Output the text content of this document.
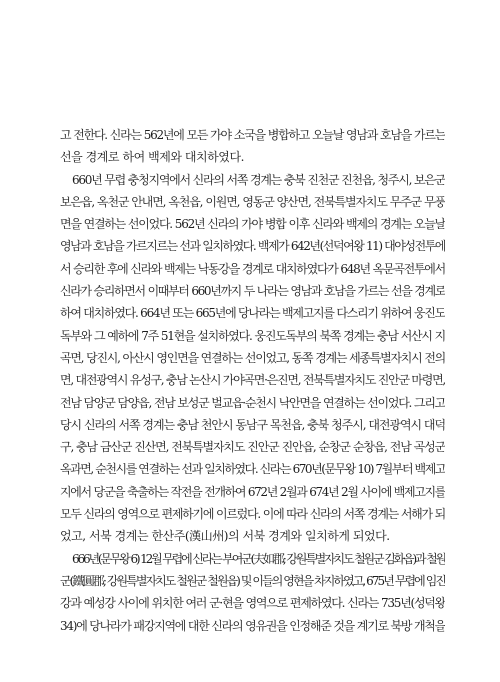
고 전한다. 신라는 562년에 모든 가야 소국을 병합하고 오늘날 영남과 호남을 가르는
선을 경계로 하여 백제와 대치하였다.
660년 무렵 충청지역에서 신라의 서쪽 경계는 충북 진천군 진천읍, 청주시, 보은군
보은읍, 옥천군 안내면, 옥천읍, 이원면, 영동군 양산면, 전북특별자치도 무주군 무풍
면을 연결하는 선이었다. 562년 신라의 가야 병합 이후 신라와 백제의 경계는 오늘날
영남과 호남을 가르지르는 선과 일치하였다. 백제가 642년(선덕여왕 11) 대야성전투에
서 승리한 후에 신라와 백제는 낙동강을 경계로 대치하였다가 648년 옥문곡전투에서
신라가 승리하면서 이때부터 660년까지 두 나라는 영남과 호남을 가르는 선을 경계로
하여 대치하였다. 664년 또는 665년에 당나라는 백제고지를 다스리기 위하여 웅진도
독부와 그 예하에 7주 51현을 설치하였다. 웅진도독부의 북쪽 경계는 충남 서산시 지
곡면, 당진시, 아산시 영인면을 연결하는 선이었고, 동쪽 경계는 세종특별자치시 전의
면, 대전광역시 유성구, 충남 논산시 가야곡면·은진면, 전북특별자치도 진안군 마령면,
전남 담양군 담양읍, 전남 보성군 벌교읍·순천시 낙안면을 연결하는 선이었다. 그리고
당시 신라의 서쪽 경계는 충남 천안시 동남구 목천읍, 충북 청주시, 대전광역시 대덕
구, 충남 금산군 진산면, 전북특별자치도 진안군 진안읍, 순창군 순창읍, 전남 곡성군
옥과면, 순천시를 연결하는 선과 일치하였다. 신라는 670년(문무왕 10) 7월부터 백제고
지에서 당군을 축출하는 작전을 전개하여 672년 2월과 674년 2월 사이에 백제고지를
모두 신라의 영역으로 편제하기에 이르렀다. 이에 따라 신라의 서쪽 경계는 서해가 되
었고, 서북 경계는 한산주(漢山州)의 서북 경계와 일치하게 되었다.
666년(문무왕 6) 12월 무렵에 신라는 부여군(夫如郡; 강원특별자치도 철원군 김화읍)과 철원
군(鐵圓郡; 강원특별자치도 철원군 철원읍) 및 이들의 영현을 차지하였고, 675년 무렵에 임진
강과 예성강 사이에 위치한 여러 군·현을 영역으로 편제하였다. 신라는 735년(성덕왕
34)에 당나라가 패강지역에 대한 신라의 영유권을 인정해준 것을 계기로 북방 개척을
